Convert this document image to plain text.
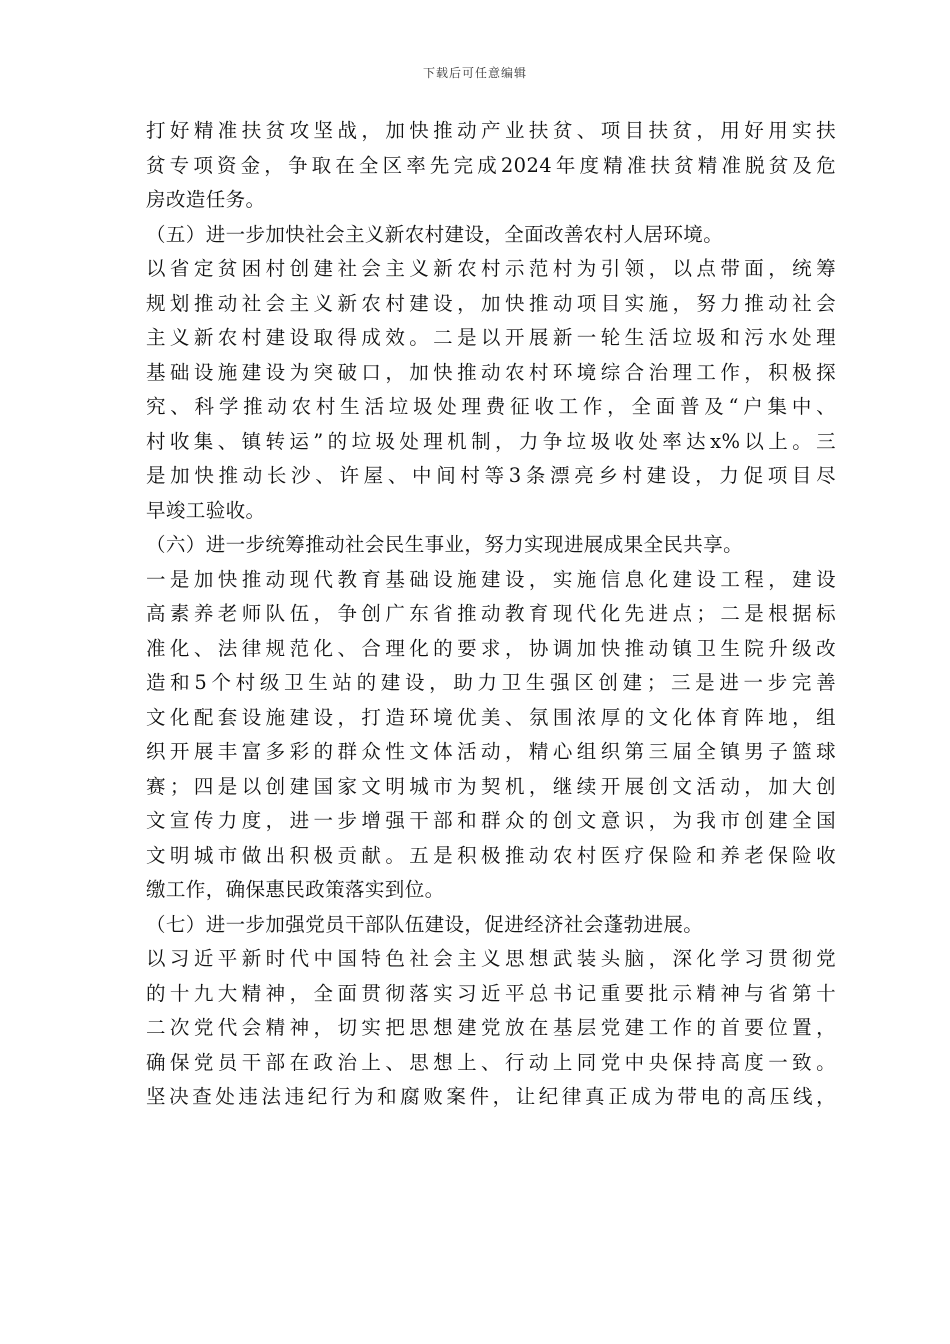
下载后可任意编辑
打好精准扶贫攻坚战，加快推动产业扶贫、项目扶贫，用好用实扶
贫专项资金，争取在全区率先完成2024年度精准扶贫精准脱贫及危
房改造任务。
（五）进一步加快社会主义新农村建设，全面改善农村人居环境。
以省定贫困村创建社会主义新农村示范村为引领，以点带面，统筹
规划推动社会主义新农村建设，加快推动项目实施，努力推动社会
主义新农村建设取得成效。二是以开展新一轮生活垃圾和污水处理
基础设施建设为突破口，加快推动农村环境综合治理工作，积极探
究、科学推动农村生活垃圾处理费征收工作，全面普及“户集中、
村收集、镇转运”的垃圾处理机制，力争垃圾收处率达x%以上。三
是加快推动长沙、许屋、中间村等3条漂亮乡村建设，力促项目尽
早竣工验收。
（六）进一步统筹推动社会民生事业，努力实现进展成果全民共享。
一是加快推动现代教育基础设施建设，实施信息化建设工程，建设
高素养老师队伍，争创广东省推动教育现代化先进点；二是根据标
准化、法律规范化、合理化的要求，协调加快推动镇卫生院升级改
造和5个村级卫生站的建设，助力卫生强区创建；三是进一步完善
文化配套设施建设，打造环境优美、氛围浓厚的文化体育阵地，组
织开展丰富多彩的群众性文体活动，精心组织第三届全镇男子篮球
赛；四是以创建国家文明城市为契机，继续开展创文活动，加大创
文宣传力度，进一步增强干部和群众的创文意识，为我市创建全国
文明城市做出积极贡献。五是积极推动农村医疗保险和养老保险收
缴工作，确保惠民政策落实到位。
（七）进一步加强党员干部队伍建设，促进经济社会蓬勃进展。
以习近平新时代中国特色社会主义思想武装头脑，深化学习贯彻党
的十九大精神，全面贯彻落实习近平总书记重要批示精神与省第十
二次党代会精神，切实把思想建党放在基层党建工作的首要位置，
确保党员干部在政治上、思想上、行动上同党中央保持高度一致。
坚决查处违法违纪行为和腐败案件，让纪律真正成为带电的高压线，
